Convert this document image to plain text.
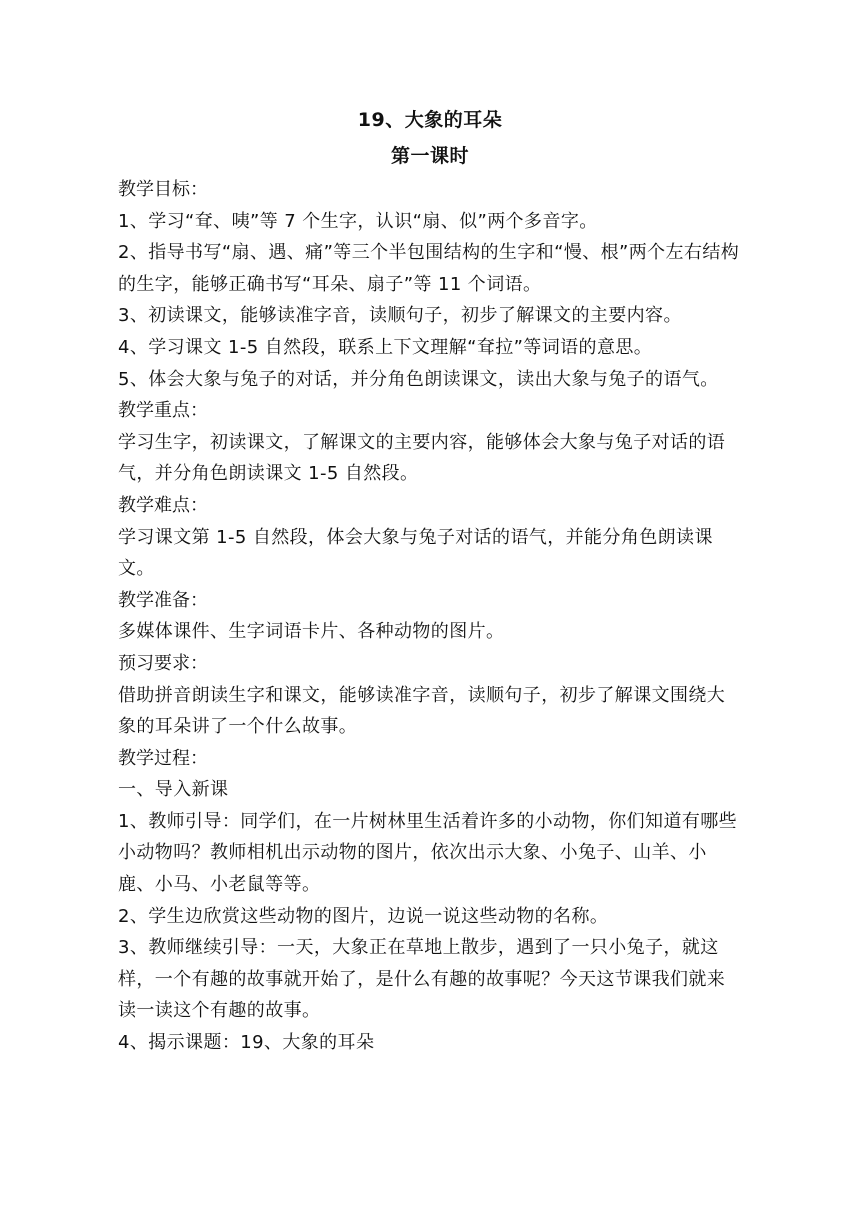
19、大象的耳朵
第一课时

教学目标：

1、学习“耷、咦”等 7 个生字，认识“扇、似”两个多音字。

2、指导书写“扇、遇、痛”等三个半包围结构的生字和“慢、根”两个左右结构的生字，能够正确书写“耳朵、扇子”等 11 个词语。

3、初读课文，能够读准字音，读顺句子，初步了解课文的主要内容。

4、学习课文 1-5 自然段，联系上下文理解“耷拉”等词语的意思。

5、体会大象与兔子的对话，并分角色朗读课文，读出大象与兔子的语气。

教学重点：

学习生字，初读课文，了解课文的主要内容，能够体会大象与兔子对话的语气，并分角色朗读课文 1-5 自然段。

教学难点：

学习课文第 1-5 自然段，体会大象与兔子对话的语气，并能分角色朗读课文。

教学准备：

多媒体课件、生字词语卡片、各种动物的图片。

预习要求：

借助拼音朗读生字和课文，能够读准字音，读顺句子，初步了解课文围绕大象的耳朵讲了一个什么故事。

教学过程：

一、导入新课

1、教师引导：同学们，在一片树林里生活着许多的小动物，你们知道有哪些小动物吗？教师相机出示动物的图片，依次出示大象、小兔子、山羊、小鹿、小马、小老鼠等等。

2、学生边欣赏这些动物的图片，边说一说这些动物的名称。

3、教师继续引导：一天，大象正在草地上散步，遇到了一只小兔子，就这样，一个有趣的故事就开始了，是什么有趣的故事呢？今天这节课我们就来读一读这个有趣的故事。

4、揭示课题：19、大象的耳朵
